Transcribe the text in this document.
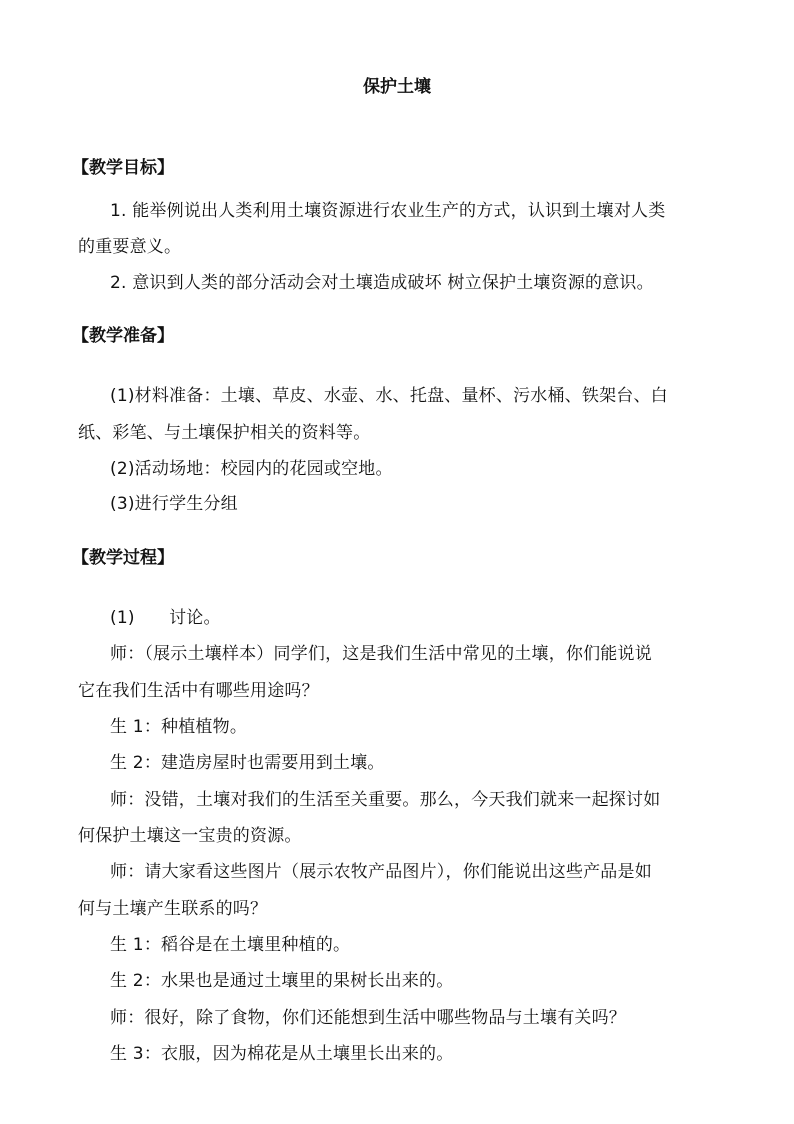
保护土壤
【教学目标】
1. 能举例说出人类利用土壤资源进行农业生产的方式，认识到土壤对人类
的重要意义。
2. 意识到人类的部分活动会对土壤造成破坏 树立保护土壤资源的意识。
【教学准备】
(1)材料准备：土壤、草皮、水壶、水、托盘、量杯、污水桶、铁架台、白
纸、彩笔、与土壤保护相关的资料等。
(2)活动场地：校园内的花园或空地。
(3)进行学生分组
【教学过程】
(1)　　讨论。
师：（展示土壤样本）同学们，这是我们生活中常见的土壤，你们能说说
它在我们生活中有哪些用途吗？
生 1：种植植物。
生 2：建造房屋时也需要用到土壤。
师：没错，土壤对我们的生活至关重要。那么，今天我们就来一起探讨如
何保护土壤这一宝贵的资源。
师：请大家看这些图片（展示农牧产品图片），你们能说出这些产品是如
何与土壤产生联系的吗？
生 1：稻谷是在土壤里种植的。
生 2：水果也是通过土壤里的果树长出来的。
师：很好，除了食物，你们还能想到生活中哪些物品与土壤有关吗？
生 3：衣服，因为棉花是从土壤里长出来的。
